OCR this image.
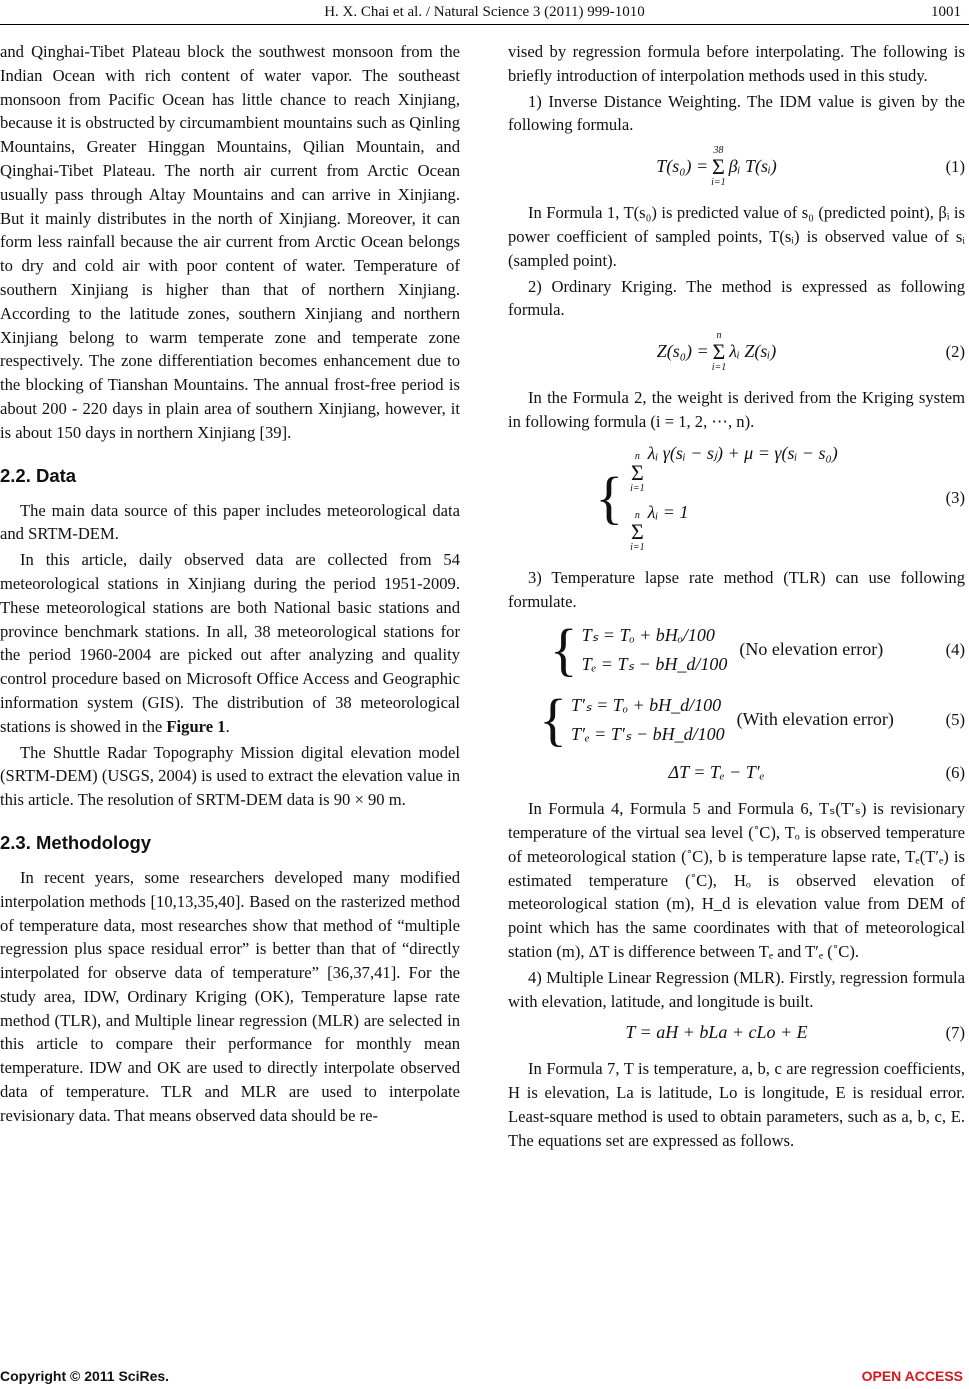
H. X. Chai et al. / Natural Science 3 (2011) 999-1010	1001

and Qinghai-Tibet Plateau block the southwest monsoon from the Indian Ocean with rich content of water vapor. The southeast monsoon from Pacific Ocean has little chance to reach Xinjiang, because it is obstructed by circumambient mountains such as Qinling Mountains, Greater Hinggan Mountains, Qilian Mountain, and Qinghai-Tibet Plateau. The north air current from Arctic Ocean usually pass through Altay Mountains and can arrive in Xinjiang. But it mainly distributes in the north of Xinjiang. Moreover, it can form less rainfall because the air current from Arctic Ocean belongs to dry and cold air with poor content of water. Temperature of southern Xinjiang is higher than that of northern Xinjiang. According to the latitude zones, southern Xinjiang and northern Xinjiang belong to warm temperate zone and temperate zone respectively. The zone differentiation becomes enhancement due to the blocking of Tianshan Mountains. The annual frost-free period is about 200 - 220 days in plain area of southern Xinjiang, however, it is about 150 days in northern Xinjiang [39].

2.2. Data

The main data source of this paper includes meteorological data and SRTM-DEM.

In this article, daily observed data are collected from 54 meteorological stations in Xinjiang during the period 1951-2009. These meteorological stations are both National basic stations and province benchmark stations. In all, 38 meteorological stations for the period 1960-2004 are picked out after analyzing and quality control procedure based on Microsoft Office Access and Geographic information system (GIS). The distribution of 38 meteorological stations is showed in the Figure 1.

The Shuttle Radar Topography Mission digital elevation model (SRTM-DEM) (USGS, 2004) is used to extract the elevation value in this article. The resolution of SRTM-DEM data is 90 × 90 m.

2.3. Methodology

In recent years, some researchers developed many modified interpolation methods [10,13,35,40]. Based on the rasterized method of temperature data, most researches show that method of “multiple regression plus space residual error” is better than that of “directly interpolated for observe data of temperature” [36,37,41]. For the study area, IDW, Ordinary Kriging (OK), Temperature lapse rate method (TLR), and Multiple linear regression (MLR) are selected in this article to compare their performance for monthly mean temperature. IDW and OK are used to directly interpolate observed data of temperature. TLR and MLR are used to interpolate revisionary data. That means observed data should be re-

vised by regression formula before interpolating. The following is briefly introduction of interpolation methods used in this study.

1) Inverse Distance Weighting. The IDM value is given by the following formula.

T(s₀) =
38
Σ
i=1
βᵢ T(sᵢ)	(1)

In Formula 1, T(s₀) is predicted value of s₀ (predicted point), βᵢ is power coefficient of sampled points, T(sᵢ) is observed value of sᵢ (sampled point).

2) Ordinary Kriging. The method is expressed as following formula.

Z(s₀) =
n
Σ
i=1
λᵢ Z(sᵢ)	(2)

In the Formula 2, the weight is derived from the Kriging system in following formula (i = 1, 2, ⋯, n).

{
n
Σ
i=1
λᵢ γ(sᵢ − sⱼ) + μ = γ(sᵢ − s₀)
n
Σ
i=1
λᵢ = 1
(3)

3) Temperature lapse rate method (TLR) can use following formulate.

{ Tₛ = Tₒ + bHₒ/100
Tₑ = Tₛ − bH_d/100
(No elevation error)	(4)
{ T′ₛ = Tₒ + bH_d/100
T′ₑ = T′ₛ − bH_d/100
(With elevation error)	(5)
ΔT = Tₑ − T′ₑ	(6)

In Formula 4, Formula 5 and Formula 6, Tₛ(T′ₛ) is revisionary temperature of the virtual sea level (˚C), Tₒ is observed temperature of meteorological station (˚C), b is temperature lapse rate, Tₑ(T′ₑ) is estimated temperature (˚C), Hₒ is observed elevation of meteorological station (m), H_d is elevation value from DEM of point which has the same coordinates with that of meteorological station (m), ΔT is difference between Tₑ and T′ₑ (˚C).

4) Multiple Linear Regression (MLR). Firstly, regression formula with elevation, latitude, and longitude is built.

T = aH + bLa + cLo + E	(7)

In Formula 7, T is temperature, a, b, c are regression coefficients, H is elevation, La is latitude, Lo is longitude, E is residual error. Least-square method is used to obtain parameters, such as a, b, c, E. The equations set are expressed as follows.

Copyright © 2011 SciRes.	OPEN ACCESS
